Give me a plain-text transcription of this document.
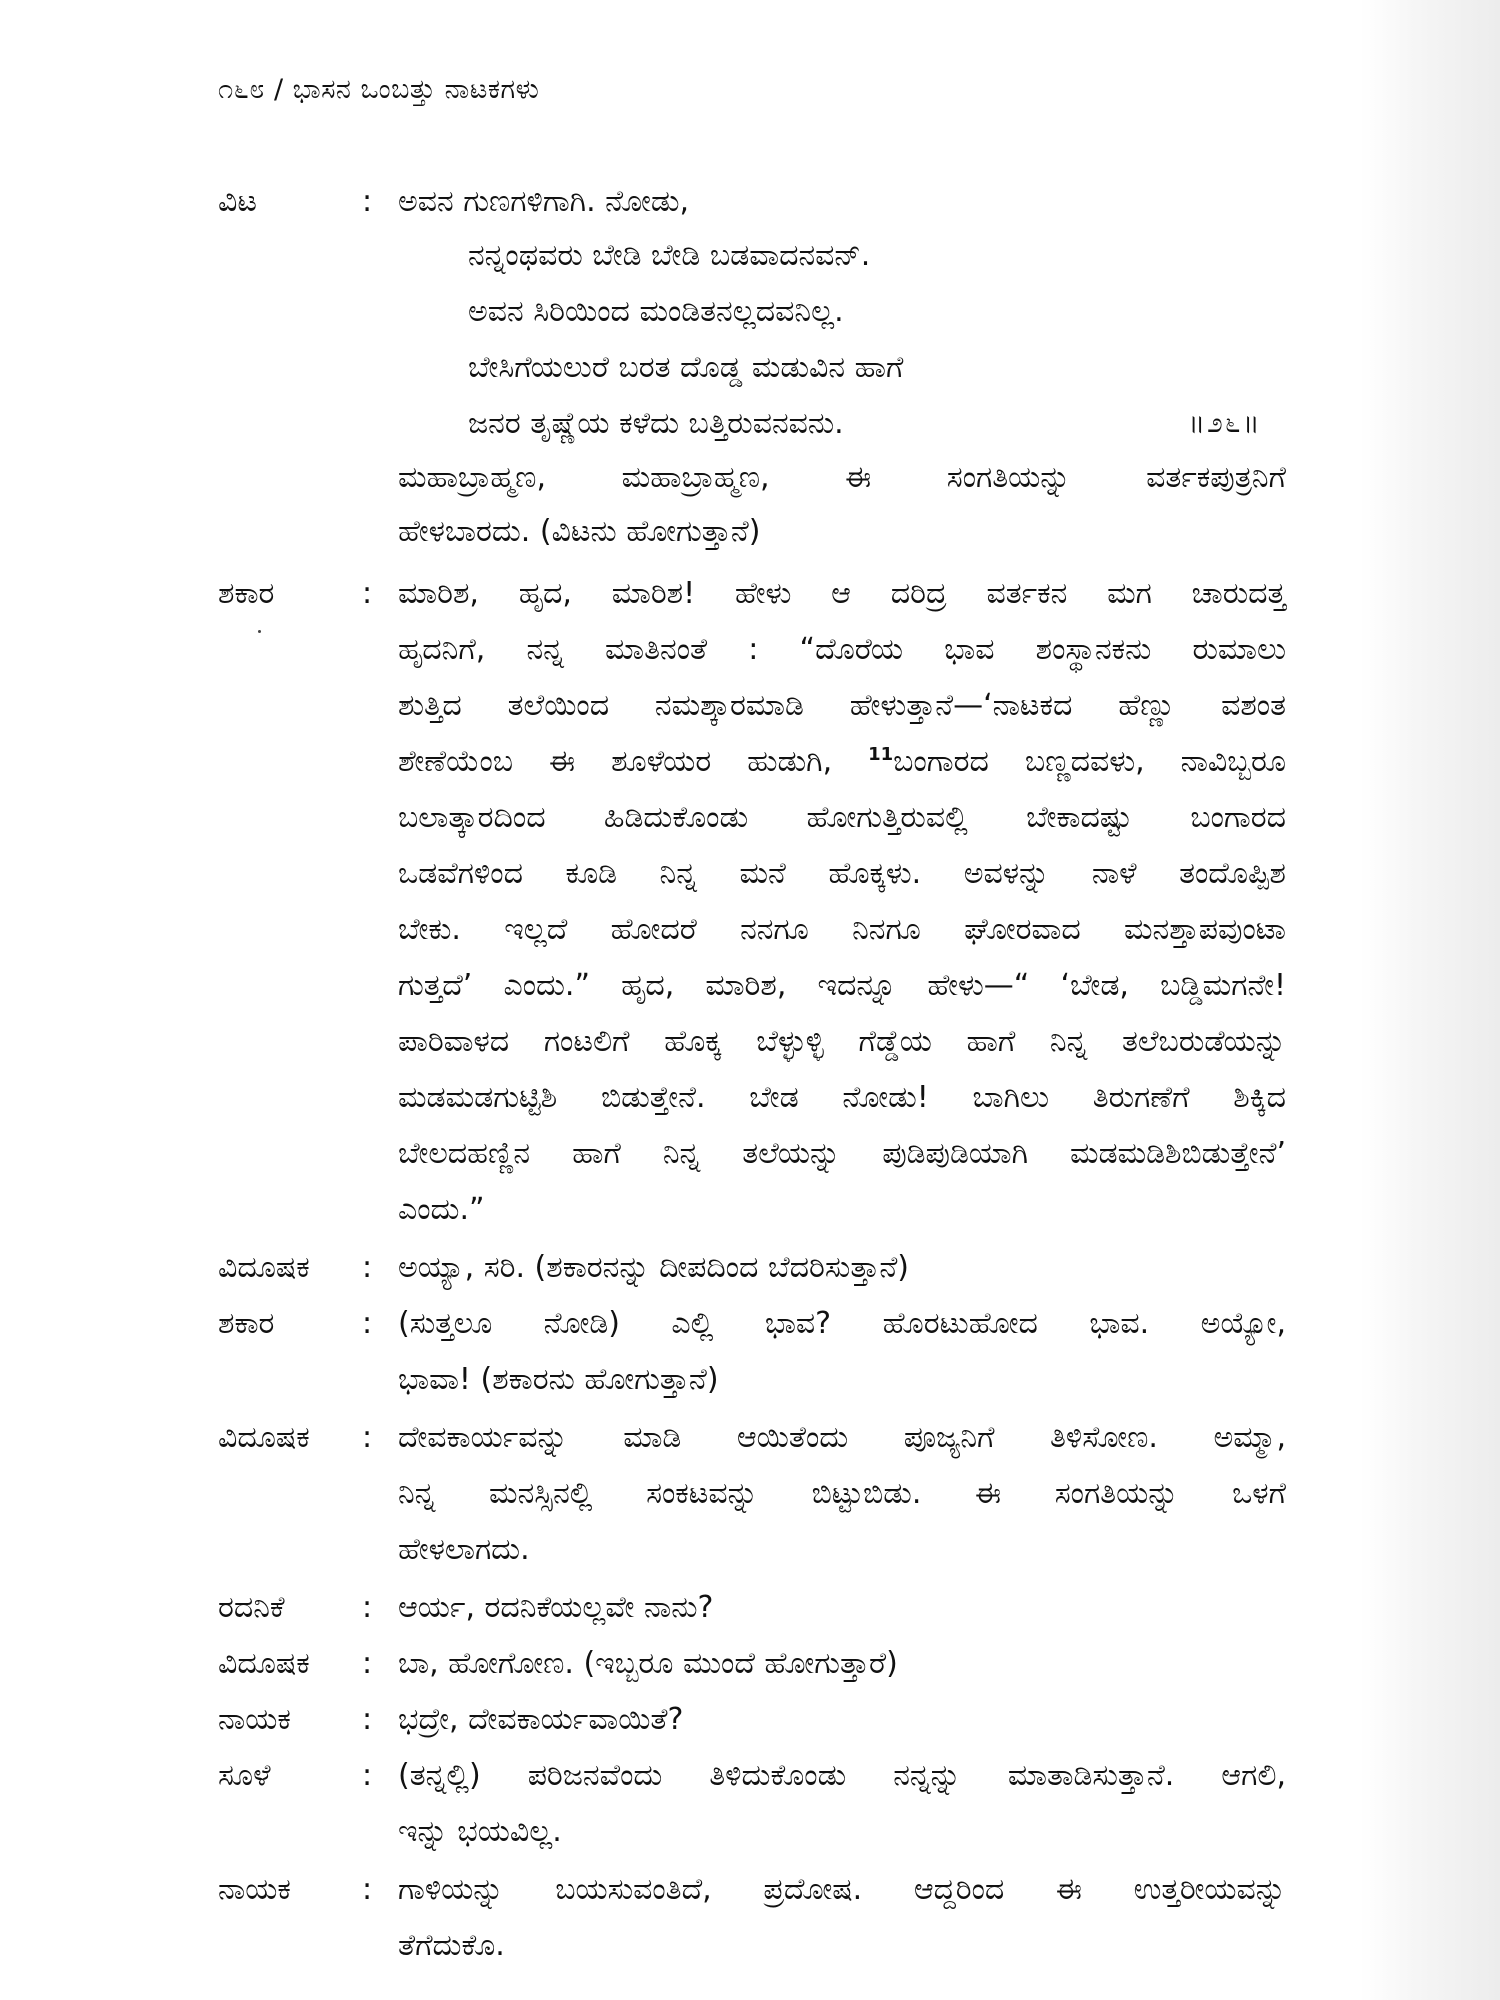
೧೬೮ / ಭಾಸನ ಒಂಬತ್ತು ನಾಟಕಗಳು
ವಿಟ	: ಅವನ ಗುಣಗಳಿಗಾಗಿ. ನೋಡು,
ನನ್ನಂಥವರು ಬೇಡಿ ಬೇಡಿ ಬಡವಾದನವನ್.
ಅವನ ಸಿರಿಯಿಂದ ಮಂಡಿತನಲ್ಲದವನಿಲ್ಲ.
ಬೇಸಿಗೆಯಲುರೆ ಬರತ ದೊಡ್ಡ ಮಡುವಿನ ಹಾಗೆ
ಜನರ ತೃಷ್ಣೆಯ ಕಳೆದು ಬತ್ತಿರುವನವನು.	॥೨೬॥
ಮಹಾಬ್ರಾಹ್ಮಣ, ಮಹಾಬ್ರಾಹ್ಮಣ, ಈ ಸಂಗತಿಯನ್ನು ವರ್ತಕಪುತ್ರನಿಗೆ
ಹೇಳಬಾರದು. (ವಿಟನು ಹೋಗುತ್ತಾನೆ)
ಶಕಾರ	: ಮಾರಿಶ, ಹೃದ, ಮಾರಿಶ! ಹೇಳು ಆ ದರಿದ್ರ ವರ್ತಕನ ಮಗ ಚಾರುದತ್ತ
ಹೃದನಿಗೆ, ನನ್ನ ಮಾತಿನಂತೆ : “ದೊರೆಯ ಭಾವ ಶಂಸ್ಥಾನಕನು ರುಮಾಲು
ಶುತ್ತಿದ ತಲೆಯಿಂದ ನಮಶ್ಕಾರಮಾಡಿ ಹೇಳುತ್ತಾನೆ—‘ನಾಟಕದ ಹೆಣ್ಣು ವಶಂತ
ಶೇಣೆಯೆಂಬ ಈ ಶೂಳೆಯರ ಹುಡುಗಿ, $^{11}$ಬಂಗಾರದ ಬಣ್ಣದವಳು, ನಾವಿಬ್ಬರೂ
ಬಲಾತ್ಕಾರದಿಂದ ಹಿಡಿದುಕೊಂಡು ಹೋಗುತ್ತಿರುವಲ್ಲಿ ಬೇಕಾದಷ್ಟು ಬಂಗಾರದ
ಒಡವೆಗಳಿಂದ ಕೂಡಿ ನಿನ್ನ ಮನೆ ಹೊಕ್ಕಳು. ಅವಳನ್ನು ನಾಳೆ ತಂದೊಪ್ಪಿಶ
ಬೇಕು. ಇಲ್ಲದೆ ಹೋದರೆ ನನಗೂ ನಿನಗೂ ಘೋರವಾದ ಮನಶ್ತಾಪವುಂಟಾ
ಗುತ್ತದೆ’ ಎಂದು.” ಹೃದ, ಮಾರಿಶ, ಇದನ್ನೂ ಹೇಳು—“ ‘ಬೇಡ, ಬಡ್ಡಿಮಗನೇ!
ಪಾರಿವಾಳದ ಗಂಟಲಿಗೆ ಹೊಕ್ಕ ಬೆಳ್ಳುಳ್ಳಿ ಗೆಡ್ಡೆಯ ಹಾಗೆ ನಿನ್ನ ತಲೆಬರುಡೆಯನ್ನು
ಮಡಮಡಗುಟ್ಟಿಶಿ ಬಿಡುತ್ತೇನೆ. ಬೇಡ ನೋಡು! ಬಾಗಿಲು ತಿರುಗಣೆಗೆ ಶಿಕ್ಕಿದ
ಬೇಲದಹಣ್ಣಿನ ಹಾಗೆ ನಿನ್ನ ತಲೆಯನ್ನು ಪುಡಿಪುಡಿಯಾಗಿ ಮಡಮಡಿಶಿಬಿಡುತ್ತೇನೆ’
ಎಂದು.”
ವಿದೂಷಕ : ಅಯ್ಯಾ, ಸರಿ. (ಶಕಾರನನ್ನು ದೀಪದಿಂದ ಬೆದರಿಸುತ್ತಾನೆ)
ಶಕಾರ	: (ಸುತ್ತಲೂ ನೋಡಿ) ಎಲ್ಲಿ ಭಾವ? ಹೊರಟುಹೋದ ಭಾವ. ಅಯ್ಯೋ,
ಭಾವಾ! (ಶಕಾರನು ಹೋಗುತ್ತಾನೆ)
ವಿದೂಷಕ : ದೇವಕಾರ್ಯವನ್ನು ಮಾಡಿ ಆಯಿತೆಂದು ಪೂಜ್ಯನಿಗೆ ತಿಳಿಸೋಣ. ಅಮ್ಮಾ,
ನಿನ್ನ ಮನಸ್ಸಿನಲ್ಲಿ ಸಂಕಟವನ್ನು ಬಿಟ್ಟುಬಿಡು. ಈ ಸಂಗತಿಯನ್ನು ಒಳಗೆ
ಹೇಳಲಾಗದು.
ರದನಿಕೆ	: ಆರ್ಯ, ರದನಿಕೆಯಲ್ಲವೇ ನಾನು?
ವಿದೂಷಕ : ಬಾ, ಹೋಗೋಣ. (ಇಬ್ಬರೂ ಮುಂದೆ ಹೋಗುತ್ತಾರೆ)
ನಾಯಕ : ಭದ್ರೇ, ದೇವಕಾರ್ಯವಾಯಿತೆ?
ಸೂಳೆ	: (ತನ್ನಲ್ಲಿ) ಪರಿಜನವೆಂದು ತಿಳಿದುಕೊಂಡು ನನ್ನನ್ನು ಮಾತಾಡಿಸುತ್ತಾನೆ. ಆಗಲಿ,
ಇನ್ನು ಭಯವಿಲ್ಲ.
ನಾಯಕ : ಗಾಳಿಯನ್ನು ಬಯಸುವಂತಿದೆ, ಪ್ರದೋಷ. ಆದ್ದರಿಂದ ಈ ಉತ್ತರೀಯವನ್ನು
ತೆಗೆದುಕೊ.
